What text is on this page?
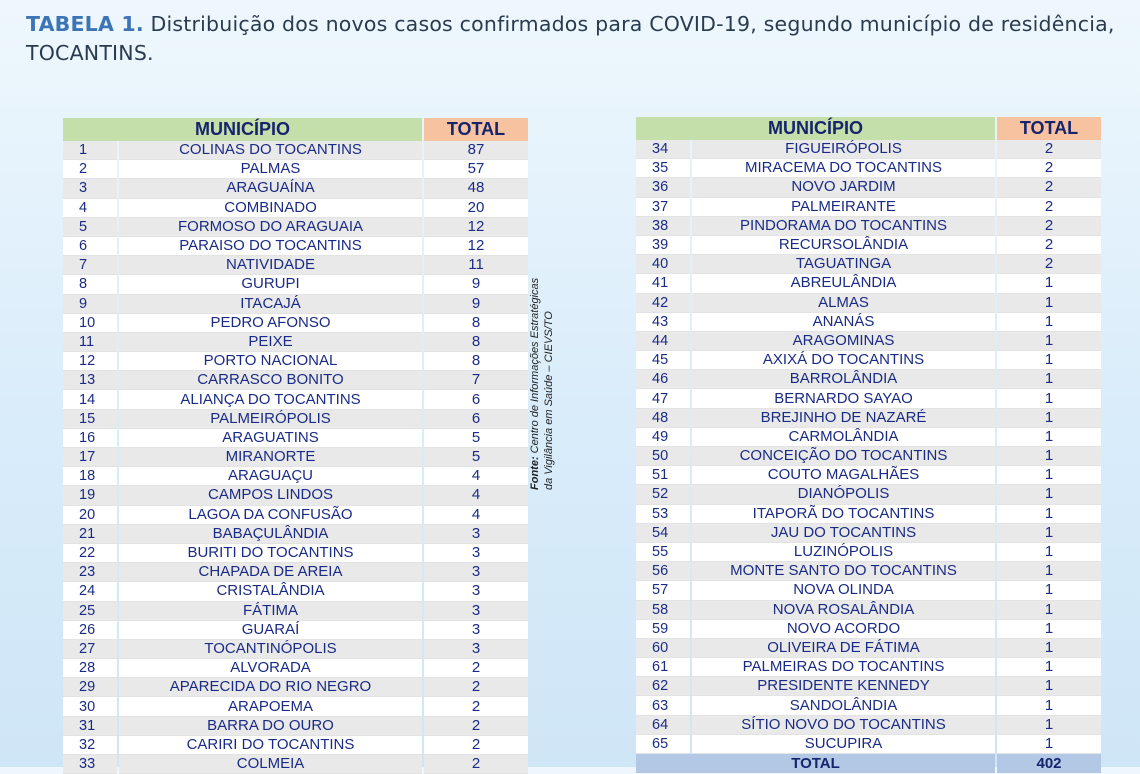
TABELA 1. Distribuição dos novos casos confirmados para COVID-19, segundo município de residência, TOCANTINS.
MUNICÍPIO		TOTAL
1	COLINAS DO TOCANTINS	87
2	PALMAS	57
3	ARAGUAÍNA	48
4	COMBINADO	20
5	FORMOSO DO ARAGUAIA	12
6	PARAISO DO TOCANTINS	12
7	NATIVIDADE	11
8	GURUPI	9
9	ITACAJÁ	9
10	PEDRO AFONSO	8
11	PEIXE	8
12	PORTO NACIONAL	8
13	CARRASCO BONITO	7
14	ALIANÇA DO TOCANTINS	6
15	PALMEIRÓPOLIS	6
16	ARAGUATINS	5
17	MIRANORTE	5
18	ARAGUAÇU	4
19	CAMPOS LINDOS	4
20	LAGOA DA CONFUSÃO	4
21	BABAÇULÂNDIA	3
22	BURITI DO TOCANTINS	3
23	CHAPADA DE AREIA	3
24	CRISTALÂNDIA	3
25	FÁTIMA	3
26	GUARAÍ	3
27	TOCANTINÓPOLIS	3
28	ALVORADA	2
29	APARECIDA DO RIO NEGRO	2
30	ARAPOEMA	2
31	BARRA DO OURO	2
32	CARIRI DO TOCANTINS	2
33	COLMEIA	2
Fonte: Centro de Informações Estratégicas da Vigilância em Saúde – CIEVS/TO
MUNICÍPIO		TOTAL
34	FIGUEIRÓPOLIS	2
35	MIRACEMA DO TOCANTINS	2
36	NOVO JARDIM	2
37	PALMEIRANTE	2
38	PINDORAMA DO TOCANTINS	2
39	RECURSOLÂNDIA	2
40	TAGUATINGA	2
41	ABREULÂNDIA	1
42	ALMAS	1
43	ANANÁS	1
44	ARAGOMINAS	1
45	AXIXÁ DO TOCANTINS	1
46	BARROLÂNDIA	1
47	BERNARDO SAYAO	1
48	BREJINHO DE NAZARÉ	1
49	CARMOLÂNDIA	1
50	CONCEIÇÃO DO TOCANTINS	1
51	COUTO MAGALHÃES	1
52	DIANÓPOLIS	1
53	ITAPORÃ DO TOCANTINS	1
54	JAU DO TOCANTINS	1
55	LUZINÓPOLIS	1
56	MONTE SANTO DO TOCANTINS	1
57	NOVA OLINDA	1
58	NOVA ROSALÂNDIA	1
59	NOVO ACORDO	1
60	OLIVEIRA DE FÁTIMA	1
61	PALMEIRAS DO TOCANTINS	1
62	PRESIDENTE KENNEDY	1
63	SANDOLÂNDIA	1
64	SÍTIO NOVO DO TOCANTINS	1
65	SUCUPIRA	1
TOTAL		402
